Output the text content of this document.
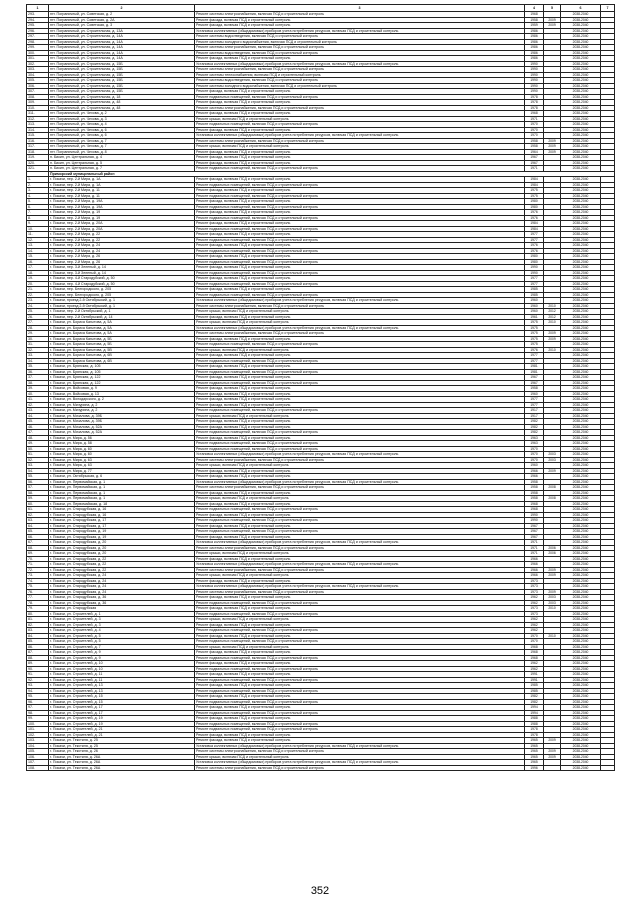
1	2	3	4	5	6	7
293.	пгт. Пограничный, ул. Советская, д. 2	Ремонт системы электроснабжения, включая ПСД и строительный контроль	1968		2038-2040	
294.	пгт. Пограничный, ул. Советская, д. 2А	Ремонт фасада, включая ПСД и строительный контроль	1958	2009	2038-2040	
295.	пгт. Пограничный, ул. Советская, д. 3	Ремонт фасада, включая ПСД и строительный контроль	1959	2009	2038-2040	
296.	пгт. Пограничный, ул. Строительная, д. 13А	Установка коллективных (общедомовых) приборов учета потребления ресурсов, включая ПСД и строительный контроль	1986		2038-2040	
297.	пгт. Пограничный, ул. Строительная, д. 14А	Ремонт системы водоотведения, включая ПСД и строительный контроль	1986		2038-2040	
298.	пгт. Пограничный, ул. Строительная, д. 14А	Ремонт системы холодного водоснабжения, включая ПСД и строительный контроль	1986		2038-2040	
299.	пгт. Пограничный, ул. Строительная, д. 14А	Ремонт системы электроснабжения, включая ПСД и строительный контроль	1986		2038-2040	
300.	пгт. Пограничный, ул. Строительная, д. 14А	Ремонт системы водоотведения, включая ПСД и строительный контроль	1986		2038-2040	
301.	пгт. Пограничный, ул. Строительная, д. 14А	Ремонт фасада, включая ПСД и строительный контроль	1986		2038-2040	
302.	пгт. Пограничный, ул. Строительная, д. 15Б	Установка коллективных (общедомовых) приборов учета потребления ресурсов, включая ПСД и строительный контроль	1990		2038-2040	
303.	пгт. Пограничный, ул. Строительная, д. 15Б	Ремонт системы электроснабжения, включая ПСД и строительный контроль	1990		2038-2040	
304.	пгт. Пограничный, ул. Строительная, д. 15Б	Ремонт системы теплоснабжения, включая ПСД и строительный контроль	1990		2038-2040	
305.	пгт. Пограничный, ул. Строительная, д. 15Б	Ремонт системы водоотведения, включая ПСД и строительный контроль	1990		2038-2040	
306.	пгт. Пограничный, ул. Строительная, д. 15Б	Ремонт системы холодного водоснабжения, включая ПСД и строительный контроль	1990		2038-2040	
307.	пгт. Пограничный, ул. Строительная, д. 15Б	Ремонт фасада, включая ПСД и строительный контроль	1990		2038-2040	
308.	пгт. Пограничный, ул. Строительная, д. 18	Ремонт подвальных помещений, включая ПСД и строительный контроль	1978		2038-2040	
309.	пгт. Пограничный, ул. Строительная, д. 48	Ремонт фасада, включая ПСД и строительный контроль	1978		2038-2040	
310.	пгт. Пограничный, ул. Строительная, д. 48	Ремонт системы электроснабжения, включая ПСД и строительный контроль	1978		2038-2040	
311.	пгт. Пограничный, ул. Чехова, д. 2	Ремонт фасада, включая ПСД и строительный контроль	1968		2038-2040	
312.	пгт. Пограничный, ул. Чехова, д. 3	Ремонт крыши, включая ПСД и строительный контроль	1971		2038-2040	
313.	пгт. Пограничный, ул. Чехова, д. 4	Ремонт подвальных помещений, включая ПСД и строительный контроль	1970		2038-2040	
314.	пгт. Пограничный, ул. Чехова, д. 6	Ремонт фасада, включая ПСД и строительный контроль	1970		2038-2040	
315.	пгт. Пограничный, ул. Чехова, д. 6	Установка коллективных (общедомовых) приборов учета потребления ресурсов, включая ПСД и строительный контроль	1970		2038-2040	
316.	пгт. Пограничный, ул. Чехова, д. 7	Ремонт системы электроснабжения, включая ПСД и строительный контроль	1958	2009	2038-2040	
317.	пгт. Пограничный, ул. Чехова, д. 7	Ремонт крыши, включая ПСД и строительный контроль	1958	2009	2038-2040	
318.	пгт. Пограничный, ул. Чехова, д. 8	Ремонт фасада, включая ПСД и строительный контроль	1964	2009	2038-2040	
319.	п. Бикин, ул. Центральная, д. 4	Ремонт фасада, включая ПСД и строительный контроль	1967		2038-2040	
320.	п. Бикин, ул. Центральная, д. 5	Ремонт фасада, включая ПСД и строительный контроль	1967		2038-2040	
321.	п. Бикин, ул. Центральная, д. 7	Ремонт подвальных помещений, включая ПСД и строительный контроль	1971		2038-2040	
	Приморский муниципальный район					
1.	г. Покачи, пер. 2-й Мира, д. 1А	Ремонт фасада, включая ПСД и строительный контроль	1984		2038-2040	
2.	г. Покачи, пер. 2-й Мира, д. 1А	Ремонт подвальных помещений, включая ПСД и строительный контроль	1984		2038-2040	
3.	г. Покачи, пер. 2-й Мира, д. 11	Ремонт фасада, включая ПСД и строительный контроль	1975		2038-2040	
4.	г. Покачи, пер. 2-й Мира, д. 11	Ремонт подвальных помещений, включая ПСД и строительный контроль	1975		2038-2040	
5.	г. Покачи, пер. 2-й Мира, д. 19А	Ремонт фасада, включая ПСД и строительный контроль	1980		2038-2040	
6.	г. Покачи, пер. 2-й Мира, д. 19А	Ремонт подвальных помещений, включая ПСД и строительный контроль	1980		2038-2040	
7.	г. Покачи, пер. 2-й Мира, д. 19	Ремонт фасада, включая ПСД и строительный контроль	1976		2038-2040	
8.	г. Покачи, пер. 2-й Мира, д. 19	Ремонт подвальных помещений, включая ПСД и строительный контроль	1976		2038-2040	
9.	г. Покачи, пер. 2-й Мира, д. 20А	Ремонт фасада, включая ПСД и строительный контроль	1984		2038-2040	
10.	г. Покачи, пер. 2-й Мира, д. 20А	Ремонт подвальных помещений, включая ПСД и строительный контроль	1984		2038-2040	
11.	г. Покачи, пер. 2-й Мира, д. 22	Ремонт фасада, включая ПСД и строительный контроль	1977		2038-2040	
12.	г. Покачи, пер. 2-й Мира, д. 22	Ремонт подвальных помещений, включая ПСД и строительный контроль	1977		2038-2040	
13.	г. Покачи, пер. 2-й Мира, д. 24	Ремонт фасада, включая ПСД и строительный контроль	1976		2038-2040	
14.	г. Покачи, пер. 2-й Мира, д. 24	Ремонт подвальных помещений, включая ПСД и строительный контроль	1976		2038-2040	
15.	г. Покачи, пер. 2-й Мира, д. 26	Ремонт фасада, включая ПСД и строительный контроль	1980		2038-2040	
16.	г. Покачи, пер. 2-й Мира, д. 26	Ремонт подвальных помещений, включая ПСД и строительный контроль	1980		2038-2040	
17.	г. Покачи, пер. 3-й Зеленый, д. 14	Ремонт фасада, включая ПСД и строительный контроль	1990		2038-2040	
18.	г. Покачи, пер. 3-й Зеленый, д. 14	Ремонт подвальных помещений, включая ПСД и строительный контроль	1990		2038-2040	
19.	г. Покачи, пер. 4-й Стародубский, д. 50	Ремонт фасада, включая ПСД и строительный контроль	1977		2038-2040	
20.	г. Покачи, пер. 4-й Стародубский, д. 50	Ремонт подвальных помещений, включая ПСД и строительный контроль	1977		2038-2040	
21.	г. Покачи, пер. Белгородского, д. 205	Ремонт фасада, включая ПСД и строительный контроль	1985		2038-2040	
22.	г. Покачи, пер. Белгородского, д. 205	Ремонт подвальных помещений, включая ПСД и строительный контроль	1985		2038-2040	
23.	г. Покачи, проезд 2-й Октябрьский, д. 1	Установка коллективных (общедомовых) приборов учета потребления ресурсов, включая ПСД и строительный контроль	1960		2038-2040	
24.	г. Покачи, проезд 2-й Октябрьский, д. 1	Ремонт системы электроснабжения, включая ПСД и строительный контроль	1960	2010	2038-2040	
25.	г. Покачи, пер. 2-й Октябрьский, д. 1	Ремонт крыши, включая ПСД и строительный контроль	1960	2012	2038-2040	
26.	г. Покачи, пер. 2-й Октябрьский, д. 14	Ремонт фасада, включая ПСД и строительный контроль	1961	2012	2038-2040	
27.	г. Покачи, ул. Бориса Кагытова, д. 5А	Ремонт крыши, включая ПСД и строительный контроль	1975	2010	2038-2040	
28.	г. Покачи, ул. Бориса Кагытова, д. 5А	Установка коллективных (общедомовых) приборов учета потребления ресурсов, включая ПСД и строительный контроль	1975		2038-2040	
29.	г. Покачи, ул. Бориса Кагытова, д. 5А	Ремонт системы электроснабжения, включая ПСД и строительный контроль	1975	2009	2038-2040	
30.	г. Покачи, ул. Бориса Кагытова, д. 5Б	Ремонт фасада, включая ПСД и строительный контроль	1975	2009	2038-2040	
31.	г. Покачи, ул. Бориса Кагытова, д. 5Б	Ремонт подвальных помещений, включая ПСД и строительный контроль	1975		2038-2040	
32.	г. Покачи, ул. Бориса Кагытова, д. 5В	Ремонт крыши, включая ПСД и строительный контроль	1976	2010	2038-2040	
33.	г. Покачи, ул. Бориса Кагытова, д. 6В	Ремонт фасада, включая ПСД и строительный контроль	1977		2038-2040	
34.	г. Покачи, ул. Бориса Кагытова, д. 6В	Ремонт подвальных помещений, включая ПСД и строительный контроль	1977		2038-2040	
35.	г. Покачи, ул. Брянская, д. 105	Ремонт фасада, включая ПСД и строительный контроль	1981		2038-2040	
36.	г. Покачи, ул. Брянская, д. 105	Ремонт подвальных помещений, включая ПСД и строительный контроль	1981		2038-2040	
37.	г. Покачи, ул. Брянская, д. 122	Ремонт фасада, включая ПСД и строительный контроль	1967		2038-2040	
38.	г. Покачи, ул. Брянская, д. 122	Ремонт подвальных помещений, включая ПСД и строительный контроль	1967		2038-2040	
39.	г. Покачи, ул. Войсовая, д. 9	Ремонт фасада, включая ПСД и строительный контроль	1958		2038-2040	
40.	г. Покачи, ул. Войсовая, д. 13	Ремонт фасада, включая ПСД и строительный контроль	1960		2038-2040	
41.	г. Покачи, ул. Володарского, д. 2	Ремонт фасада, включая ПСД и строительный контроль	1977		2038-2040	
42.	г. Покачи, ул. Мичурина, д. 2	Ремонт фасада, включая ПСД и строительный контроль	1977		2038-2040	
43.	г. Покачи, ул. Мичурина, д. 2	Ремонт подвальных помещений, включая ПСД и строительный контроль	1917		2038-2040	
44.	г. Покачи, ул. Мочалова, д. 39Б	Ремонт крыши, включая ПСД и строительный контроль	1917		2038-2040	
45.	г. Покачи, ул. Мочалова, д. 39Б	Ремонт фасада, включая ПСД и строительный контроль	1982		2038-2040	
46.	г. Покачи, ул. Мочалова, д. 52А	Ремонт фасада, включая ПСД и строительный контроль	1982		2038-2040	
47.	г. Покачи, ул. Мочалова, д. 52А	Ремонт подвальных помещений, включая ПСД и строительный контроль	1982		2038-2040	
48.	г. Покачи, ул. Мира, д. 56	Ремонт фасада, включая ПСД и строительный контроль	1963		2038-2040	
49.	г. Покачи, ул. Мира, д. 58	Ремонт подвальных помещений, включая ПСД и строительный контроль	1963		2038-2040	
50.	г. Покачи, ул. Мира, д. 60	Ремонт подвальных помещений, включая ПСД и строительный контроль	1970		2038-2040	
51.	г. Покачи, ул. Мира, д. 60	Установка коллективных (общедомовых) приборов учета потребления ресурсов, включая ПСД и строительный контроль	1970	2003	2038-2040	
52.	г. Покачи, ул. Мира, д. 63	Ремонт системы электроснабжения, включая ПСД и строительный контроль	1970	2003	2038-2040	
53.	г. Покачи, ул. Мира, д. 63	Ремонт крыши, включая ПСД и строительный контроль	1960		2038-2040	
54.	г. Покачи, ул. Мира, д. 77	Ремонт фасада, включая ПСД и строительный контроль	1966	2009	2038-2040	
55.	г. Покачи, ул. Октябрьская, д. 6	Ремонт фасада, включая ПСД и строительный контроль	1966		2038-2040	
56.	г. Покачи, ул. Первомайская, д. 1	Установка коллективных (общедомовых) приборов учета потребления ресурсов, включая ПСД и строительный контроль	1958		2038-2040	
57.	г. Покачи, ул. Первомайская, д. 1	Ремонт системы электроснабжения, включая ПСД и строительный контроль	1958	2008	2038-2040	
58.	г. Покачи, ул. Первомайская, д. 1	Ремонт фасада, включая ПСД и строительный контроль	1958		2038-2040	
59.	г. Покачи, ул. Первомайская, д. 1	Ремонт крыши, включая ПСД и строительный контроль	1958	2008	2038-2040	
60.	г. Покачи, ул. Первомайская, д. 18	Ремонт фасада, включая ПСД и строительный контроль	1968		2038-2040	
61.	г. Покачи, ул. Стародубская, д. 16	Ремонт подвальных помещений, включая ПСД и строительный контроль	1968		2038-2040	
62.	г. Покачи, ул. Стародубская, д. 16	Ремонт фасада, включая ПСД и строительный контроль	1990		2038-2040	
63.	г. Покачи, ул. Стародубская, д. 17	Ремонт подвальных помещений, включая ПСД и строительный контроль	1990		2038-2040	
64.	г. Покачи, ул. Стародубская, д. 17	Ремонт фасада, включая ПСД и строительный контроль	1967		2038-2040	
65.	г. Покачи, ул. Стародубская, д. 19	Ремонт подвальных помещений, включая ПСД и строительный контроль	1967		2038-2040	
66.	г. Покачи, ул. Стародубская, д. 19	Ремонт фасада, включая ПСД и строительный контроль	1967		2038-2040	
67.	г. Покачи, ул. Стародубская, д. 20	Установка коллективных (общедомовых) приборов учета потребления ресурсов, включая ПСД и строительный контроль	1971		2038-2040	
68.	г. Покачи, ул. Стародубская, д. 20	Ремонт системы электроснабжения, включая ПСД и строительный контроль	1971	2006	2038-2040	
69.	г. Покачи, ул. Стародубская, д. 20	Ремонт крыши, включая ПСД и строительный контроль	1971	2006	2038-2040	
70.	г. Покачи, ул. Стародубская, д. 22	Ремонт фасада, включая ПСД и строительный контроль	1966		2038-2040	
71.	г. Покачи, ул. Стародубская, д. 22	Установка коллективных (общедомовых) приборов учета потребления ресурсов, включая ПСД и строительный контроль	1966		2038-2040	
72.	г. Покачи, ул. Стародубская, д. 22	Ремонт системы электроснабжения, включая ПСД и строительный контроль	1966	2009	2038-2040	
73.	г. Покачи, ул. Стародубская, д. 24	Ремонт крыши, включая ПСД и строительный контроль	1966	2009	2038-2040	
74.	г. Покачи, ул. Стародубская, д. 24	Ремонт фасада, включая ПСД и строительный контроль	1973		2038-2040	
75.	г. Покачи, ул. Стародубская, д. 24	Установка коллективных (общедомовых) приборов учета потребления ресурсов, включая ПСД и строительный контроль	1973		2038-2040	
76.	г. Покачи, ул. Стародубская, д. 24	Ремонт системы электроснабжения, включая ПСД и строительный контроль	1973	2009	2038-2040	
77.	г. Покачи, ул. Стародубская, д. 36	Ремонт фасада, включая ПСД и строительный контроль	1962	2003	2038-2040	
78.	г. Покачи, ул. Стародубская, д. 36	Ремонт подвальных помещений, включая ПСД и строительный контроль	1962	2003	2038-2040	
79.	г. Покачи, ул. Стародубская	Ремонт фасада, включая ПСД и строительный контроль	1973	2010	2038-2040	
80.	г. Покачи, ул. Строителей, д. 1	Ремонт подвальных помещений, включая ПСД и строительный контроль	1973		2038-2040	
81.	г. Покачи, ул. Строителей, д. 3	Ремонт крыши, включая ПСД и строительный контроль	1962		2038-2040	
82.	г. Покачи, ул. Строителей, д. 3	Ремонт фасада, включая ПСД и строительный контроль	1962		2038-2040	
83.	г. Покачи, ул. Строителей, д. 4	Ремонт подвальных помещений, включая ПСД и строительный контроль	1962		2038-2040	
84.	г. Покачи, ул. Строителей, д. 5	Ремонт фасада, включая ПСД и строительный контроль	1970	2010	2038-2040	
85.	г. Покачи, ул. Строителей, д. 5	Ремонт подвальных помещений, включая ПСД и строительный контроль	1970		2038-2040	
86.	г. Покачи, ул. Строителей, д. 7	Ремонт крыши, включая ПСД и строительный контроль	1968		2038-2040	
87.	г. Покачи, ул. Строителей, д. 9	Ремонт фасада, включая ПСД и строительный контроль	1968		2038-2040	
88.	г. Покачи, ул. Строителей, д. 9	Ремонт подвальных помещений, включая ПСД и строительный контроль	1968		2038-2040	
89.	г. Покачи, ул. Строителей, д. 10	Ремонт фасада, включая ПСД и строительный контроль	1962		2038-2040	
90.	г. Покачи, ул. Строителей, д. 10	Ремонт подвальных помещений, включая ПСД и строительный контроль	1962		2038-2040	
91.	г. Покачи, ул. Строителей, д. 11	Ремонт фасада, включая ПСД и строительный контроль	1991		2038-2040	
92.	г. Покачи, ул. Строителей, д. 11	Ремонт подвальных помещений, включая ПСД и строительный контроль	1991		2038-2040	
93.	г. Покачи, ул. Строителей, д. 13	Ремонт фасада, включая ПСД и строительный контроль	1985		2038-2040	
94.	г. Покачи, ул. Строителей, д. 13	Ремонт подвальных помещений, включая ПСД и строительный контроль	1985		2038-2040	
95.	г. Покачи, ул. Строителей, д. 15	Ремонт фасада, включая ПСД и строительный контроль	1982		2038-2040	
96.	г. Покачи, ул. Строителей, д. 15	Ремонт подвальных помещений, включая ПСД и строительный контроль	1982		2038-2040	
97.	г. Покачи, ул. Строителей, д. 17	Ремонт фасада, включая ПСД и строительный контроль	1994		2038-2040	
98.	г. Покачи, ул. Строителей, д. 17	Ремонт подвальных помещений, включая ПСД и строительный контроль	1994		2038-2040	
99.	г. Покачи, ул. Строителей, д. 19	Ремонт фасада, включая ПСД и строительный контроль	1988		2038-2040	
100.	г. Покачи, ул. Строителей, д. 19	Ремонт подвальных помещений, включая ПСД и строительный контроль	1988		2038-2040	
101.	г. Покачи, ул. Строителей, д. 21	Ремонт подвальных помещений, включая ПСД и строительный контроль	1978		2038-2040	
102.	г. Покачи, ул. Строителей, д. 21	Ремонт фасада, включая ПСД и строительный контроль	1978		2038-2040	
103.	г. Покачи, ул. Текстиля, д. 25	Ремонт фасада, включая ПСД и строительный контроль	1965	2009	2038-2040	
104.	г. Покачи, ул. Текстиля, д. 25	Установка коллективных (общедомовых) приборов учета потребления ресурсов, включая ПСД и строительный контроль	1965		2038-2040	
105.	г. Покачи, ул. Текстиля, д. 26	Ремонт системы электроснабжения, включая ПСД и строительный контроль	1965	2009	2038-2040	
106.	г. Покачи, ул. Текстиля, д. 26А	Ремонт крыши, включая ПСД и строительный контроль	1965	2009	2038-2040	
107.	г. Покачи, ул. Текстиля, д. 26А	Установка коллективных (общедомовых) приборов учета потребления ресурсов, включая ПСД и строительный контроль	1965		2038-2040	
108.	г. Покачи, ул. Текстиля, д. 26А	Ремонт системы электроснабжения, включая ПСД и строительный контроль	1996		2038-2040	
352
